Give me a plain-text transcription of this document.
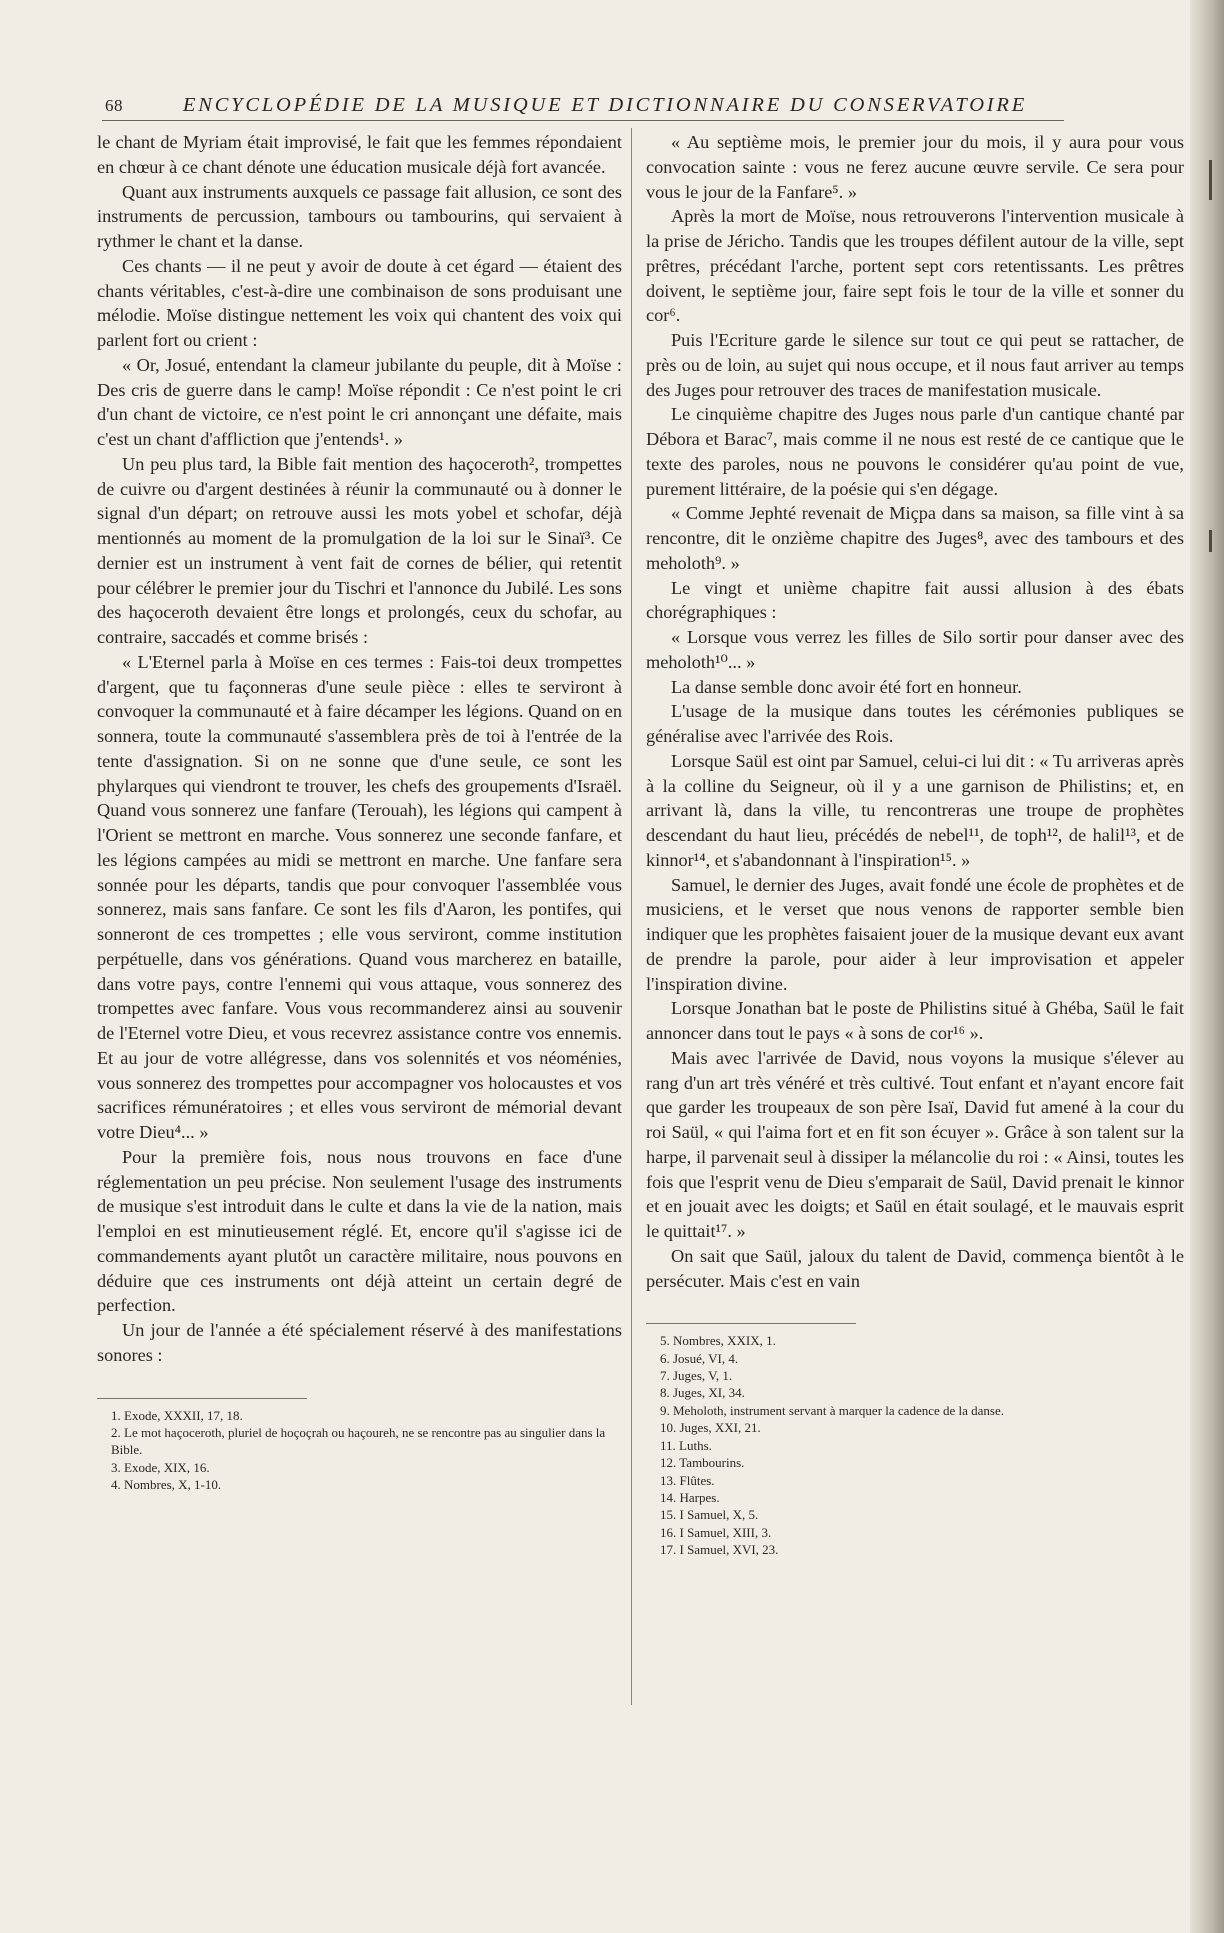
68	ENCYCLOPÉDIE DE LA MUSIQUE ET DICTIONNAIRE DU CONSERVATOIRE

le chant de Myriam était improvisé, le fait que les femmes répondaient en chœur à ce chant dénote une éducation musicale déjà fort avancée.

Quant aux instruments auxquels ce passage fait allusion, ce sont des instruments de percussion, tambours ou tambourins, qui servaient à rythmer le chant et la danse.

Ces chants — il ne peut y avoir de doute à cet égard — étaient des chants véritables, c'est-à-dire une combinaison de sons produisant une mélodie. Moïse distingue nettement les voix qui chantent des voix qui parlent fort ou crient :

« Or, Josué, entendant la clameur jubilante du peuple, dit à Moïse : Des cris de guerre dans le camp! Moïse répondit : Ce n'est point le cri d'un chant de victoire, ce n'est point le cri annonçant une défaite, mais c'est un chant d'affliction que j'entends¹. »

Un peu plus tard, la Bible fait mention des haçoceroth², trompettes de cuivre ou d'argent destinées à réunir la communauté ou à donner le signal d'un départ; on retrouve aussi les mots yobel et schofar, déjà mentionnés au moment de la promulgation de la loi sur le Sinaï³. Ce dernier est un instrument à vent fait de cornes de bélier, qui retentit pour célébrer le premier jour du Tischri et l'annonce du Jubilé. Les sons des haçoceroth devaient être longs et prolongés, ceux du schofar, au contraire, saccadés et comme brisés :

« L'Eternel parla à Moïse en ces termes : Fais-toi deux trompettes d'argent, que tu façonneras d'une seule pièce : elles te serviront à convoquer la communauté et à faire décamper les légions. Quand on en sonnera, toute la communauté s'assemblera près de toi à l'entrée de la tente d'assignation. Si on ne sonne que d'une seule, ce sont les phylarques qui viendront te trouver, les chefs des groupements d'Israël. Quand vous sonnerez une fanfare (Terouah), les légions qui campent à l'Orient se mettront en marche. Vous sonnerez une seconde fanfare, et les légions campées au midi se mettront en marche. Une fanfare sera sonnée pour les départs, tandis que pour convoquer l'assemblée vous sonnerez, mais sans fanfare. Ce sont les fils d'Aaron, les pontifes, qui sonneront de ces trompettes ; elle vous serviront, comme institution perpétuelle, dans vos générations. Quand vous marcherez en bataille, dans votre pays, contre l'ennemi qui vous attaque, vous sonnerez des trompettes avec fanfare. Vous vous recommanderez ainsi au souvenir de l'Eternel votre Dieu, et vous recevrez assistance contre vos ennemis. Et au jour de votre allégresse, dans vos solennités et vos néoménies, vous sonnerez des trompettes pour accompagner vos holocaustes et vos sacrifices rémunératoires ; et elles vous serviront de mémorial devant votre Dieu⁴... »

Pour la première fois, nous nous trouvons en face d'une réglementation un peu précise. Non seulement l'usage des instruments de musique s'est introduit dans le culte et dans la vie de la nation, mais l'emploi en est minutieusement réglé. Et, encore qu'il s'agisse ici de commandements ayant plutôt un caractère militaire, nous pouvons en déduire que ces instruments ont déjà atteint un certain degré de perfection.

Un jour de l'année a été spécialement réservé à des manifestations sonores :

1. Exode, XXXII, 17, 18.
2. Le mot haçoceroth, pluriel de hoçoçrah ou haçoureh, ne se rencontre pas au singulier dans la Bible.
3. Exode, XIX, 16.
4. Nombres, X, 1-10.

« Au septième mois, le premier jour du mois, il y aura pour vous convocation sainte : vous ne ferez aucune œuvre servile. Ce sera pour vous le jour de la Fanfare⁵. »

Après la mort de Moïse, nous retrouverons l'intervention musicale à la prise de Jéricho. Tandis que les troupes défilent autour de la ville, sept prêtres, précédant l'arche, portent sept cors retentissants. Les prêtres doivent, le septième jour, faire sept fois le tour de la ville et sonner du cor⁶.

Puis l'Ecriture garde le silence sur tout ce qui peut se rattacher, de près ou de loin, au sujet qui nous occupe, et il nous faut arriver au temps des Juges pour retrouver des traces de manifestation musicale.

Le cinquième chapitre des Juges nous parle d'un cantique chanté par Débora et Barac⁷, mais comme il ne nous est resté de ce cantique que le texte des paroles, nous ne pouvons le considérer qu'au point de vue, purement littéraire, de la poésie qui s'en dégage.

« Comme Jephté revenait de Miçpa dans sa maison, sa fille vint à sa rencontre, dit le onzième chapitre des Juges⁸, avec des tambours et des meholoth⁹. »

Le vingt et unième chapitre fait aussi allusion à des ébats chorégraphiques :

« Lorsque vous verrez les filles de Silo sortir pour danser avec des meholoth¹⁰... »

La danse semble donc avoir été fort en honneur.

L'usage de la musique dans toutes les cérémonies publiques se généralise avec l'arrivée des Rois.

Lorsque Saül est oint par Samuel, celui-ci lui dit : « Tu arriveras après à la colline du Seigneur, où il y a une garnison de Philistins; et, en arrivant là, dans la ville, tu rencontreras une troupe de prophètes descendant du haut lieu, précédés de nebel¹¹, de toph¹², de halil¹³, et de kinnor¹⁴, et s'abandonnant à l'inspiration¹⁵. »

Samuel, le dernier des Juges, avait fondé une école de prophètes et de musiciens, et le verset que nous venons de rapporter semble bien indiquer que les prophètes faisaient jouer de la musique devant eux avant de prendre la parole, pour aider à leur improvisation et appeler l'inspiration divine.

Lorsque Jonathan bat le poste de Philistins situé à Ghéba, Saül le fait annoncer dans tout le pays « à sons de cor¹⁶ ».

Mais avec l'arrivée de David, nous voyons la musique s'élever au rang d'un art très vénéré et très cultivé. Tout enfant et n'ayant encore fait que garder les troupeaux de son père Isaï, David fut amené à la cour du roi Saül, « qui l'aima fort et en fit son écuyer ». Grâce à son talent sur la harpe, il parvenait seul à dissiper la mélancolie du roi : « Ainsi, toutes les fois que l'esprit venu de Dieu s'emparait de Saül, David prenait le kinnor et en jouait avec les doigts; et Saül en était soulagé, et le mauvais esprit le quittait¹⁷. »

On sait que Saül, jaloux du talent de David, commença bientôt à le persécuter. Mais c'est en vain

5. Nombres, XXIX, 1.
6. Josué, VI, 4.
7. Juges, V, 1.
8. Juges, XI, 34.
9. Meholoth, instrument servant à marquer la cadence de la danse.
10. Juges, XXI, 21.
11. Luths.
12. Tambourins.
13. Flûtes.
14. Harpes.
15. I Samuel, X, 5.
16. I Samuel, XIII, 3.
17. I Samuel, XVI, 23.
